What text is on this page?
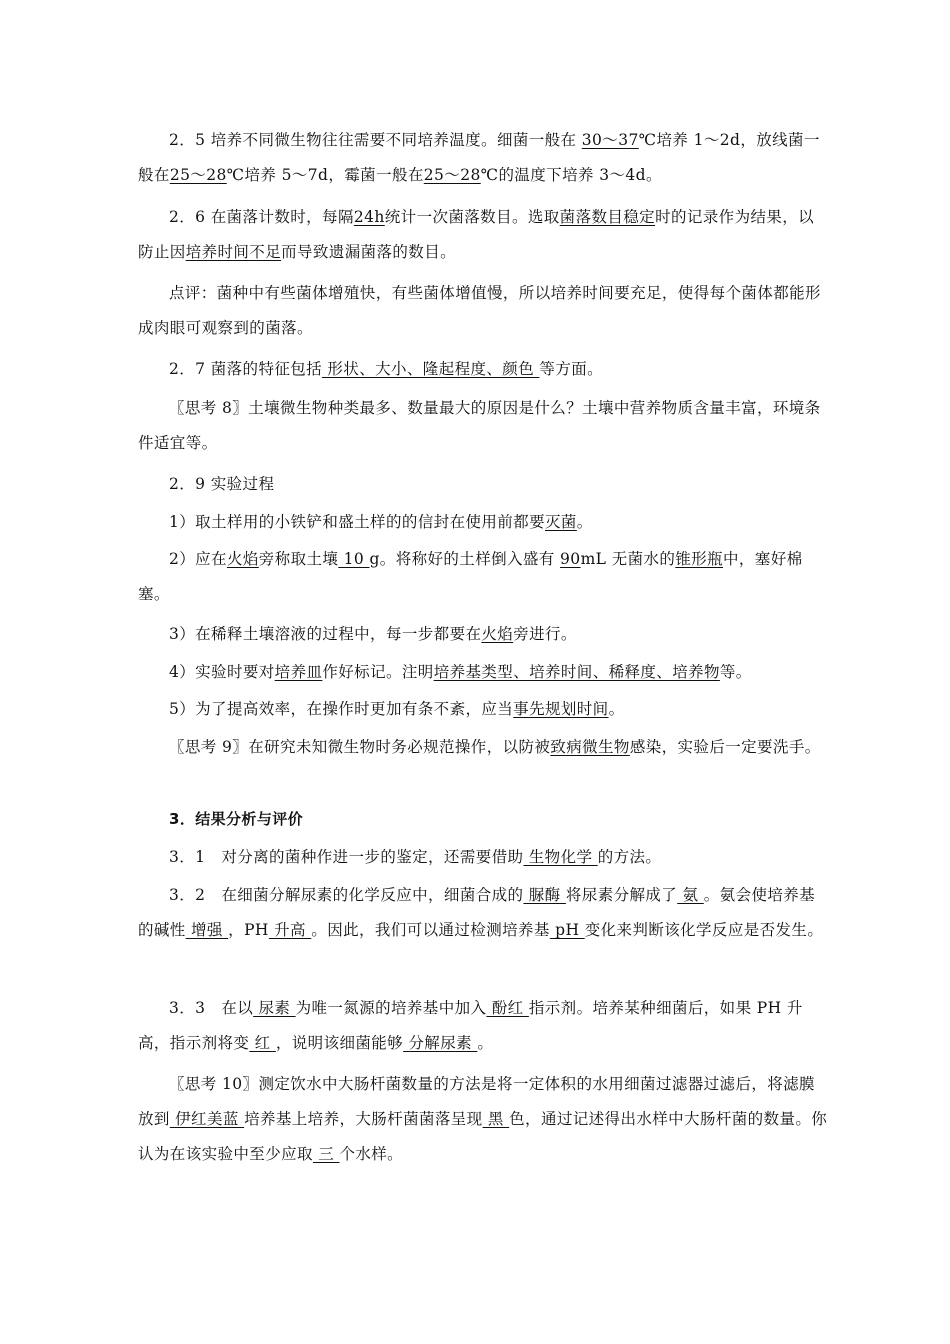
2．5 培养不同微生物往往需要不同培养温度。细菌一般在 30～37℃培养 1～2d，放线菌一般在25～28℃培养 5～7d，霉菌一般在25～28℃的温度下培养 3～4d。

2．6 在菌落计数时，每隔24h统计一次菌落数目。选取菌落数目稳定时的记录作为结果，以防止因培养时间不足而导致遗漏菌落的数目。

点评：菌种中有些菌体增殖快，有些菌体增值慢，所以培养时间要充足，使得每个菌体都能形成肉眼可观察到的菌落。

2．7 菌落的特征包括 形状、大小、隆起程度、颜色 等方面。

〖思考 8〗土壤微生物种类最多、数量最大的原因是什么？土壤中营养物质含量丰富，环境条件适宜等。

2．9 实验过程

1）取土样用的小铁铲和盛土样的的信封在使用前都要灭菌。

2）应在火焰旁称取土壤 10 g。将称好的土样倒入盛有 90mL 无菌水的锥形瓶中，塞好棉塞。

3）在稀释土壤溶液的过程中，每一步都要在火焰旁进行。

4）实验时要对培养皿作好标记。注明培养基类型、培养时间、稀释度、培养物等。

5）为了提高效率，在操作时更加有条不紊，应当事先规划时间。

〖思考 9〗在研究未知微生物时务必规范操作，以防被致病微生物感染，实验后一定要洗手。

3．结果分析与评价

3．1　对分离的菌种作进一步的鉴定，还需要借助 生物化学 的方法。

3．2　在细菌分解尿素的化学反应中，细菌合成的 脲酶 将尿素分解成了 氨 。氨会使培养基的碱性 增强 ，PH 升高 。因此，我们可以通过检测培养基 pH 变化来判断该化学反应是否发生。

3．3　在以 尿素 为唯一氮源的培养基中加入 酚红 指示剂。培养某种细菌后，如果 PH 升高，指示剂将变 红 ，说明该细菌能够 分解尿素 。

〖思考 10〗测定饮水中大肠杆菌数量的方法是将一定体积的水用细菌过滤器过滤后，将滤膜放到 伊红美蓝 培养基上培养，大肠杆菌菌落呈现 黑 色，通过记述得出水样中大肠杆菌的数量。你认为在该实验中至少应取 三 个水样。
